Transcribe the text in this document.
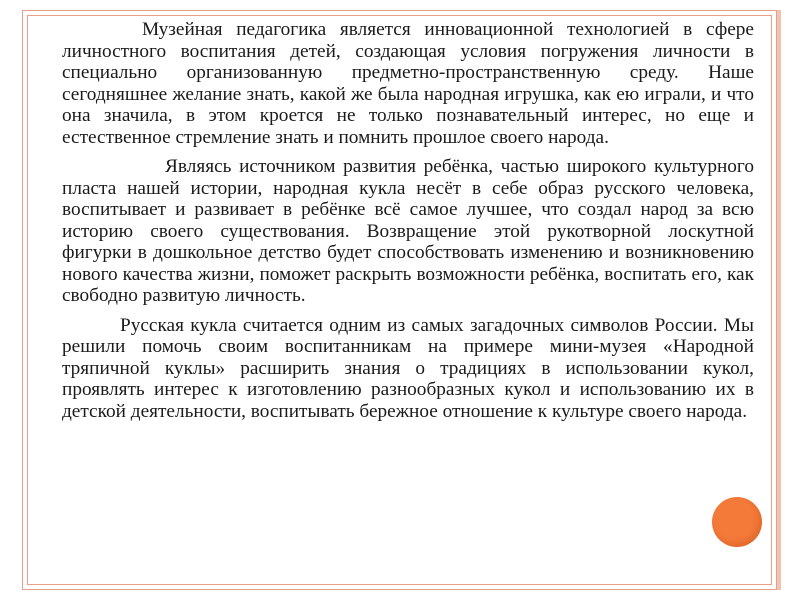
Музейная педагогика является инновационной технологией в сфере личностного воспитания детей, создающая условия погружения личности в специально организованную предметно-пространственную среду. Наше сегодняшнее желание знать, какой же была народная игрушка, как ею играли, и что она значила, в этом кроется не только познавательный интерес, но еще и естественное стремление знать и помнить прошлое своего народа.

Являясь источником развития ребёнка, частью широкого культурного пласта нашей истории, народная кукла несёт в себе образ русского человека, воспитывает и развивает в ребёнке всё самое лучшее, что создал народ за всю историю своего существования. Возвращение этой рукотворной лоскутной фигурки в дошкольное детство будет способствовать изменению и возникновению нового качества жизни, поможет раскрыть возможности ребёнка, воспитать его, как свободно развитую личность.

Русская кукла считается одним из самых загадочных символов России. Мы решили помочь своим воспитанникам на примере мини-музея «Народной тряпичной куклы» расширить знания о традициях в использовании кукол, проявлять интерес к изготовлению разнообразных кукол и использованию их в детской деятельности, воспитывать бережное отношение к культуре своего народа.
